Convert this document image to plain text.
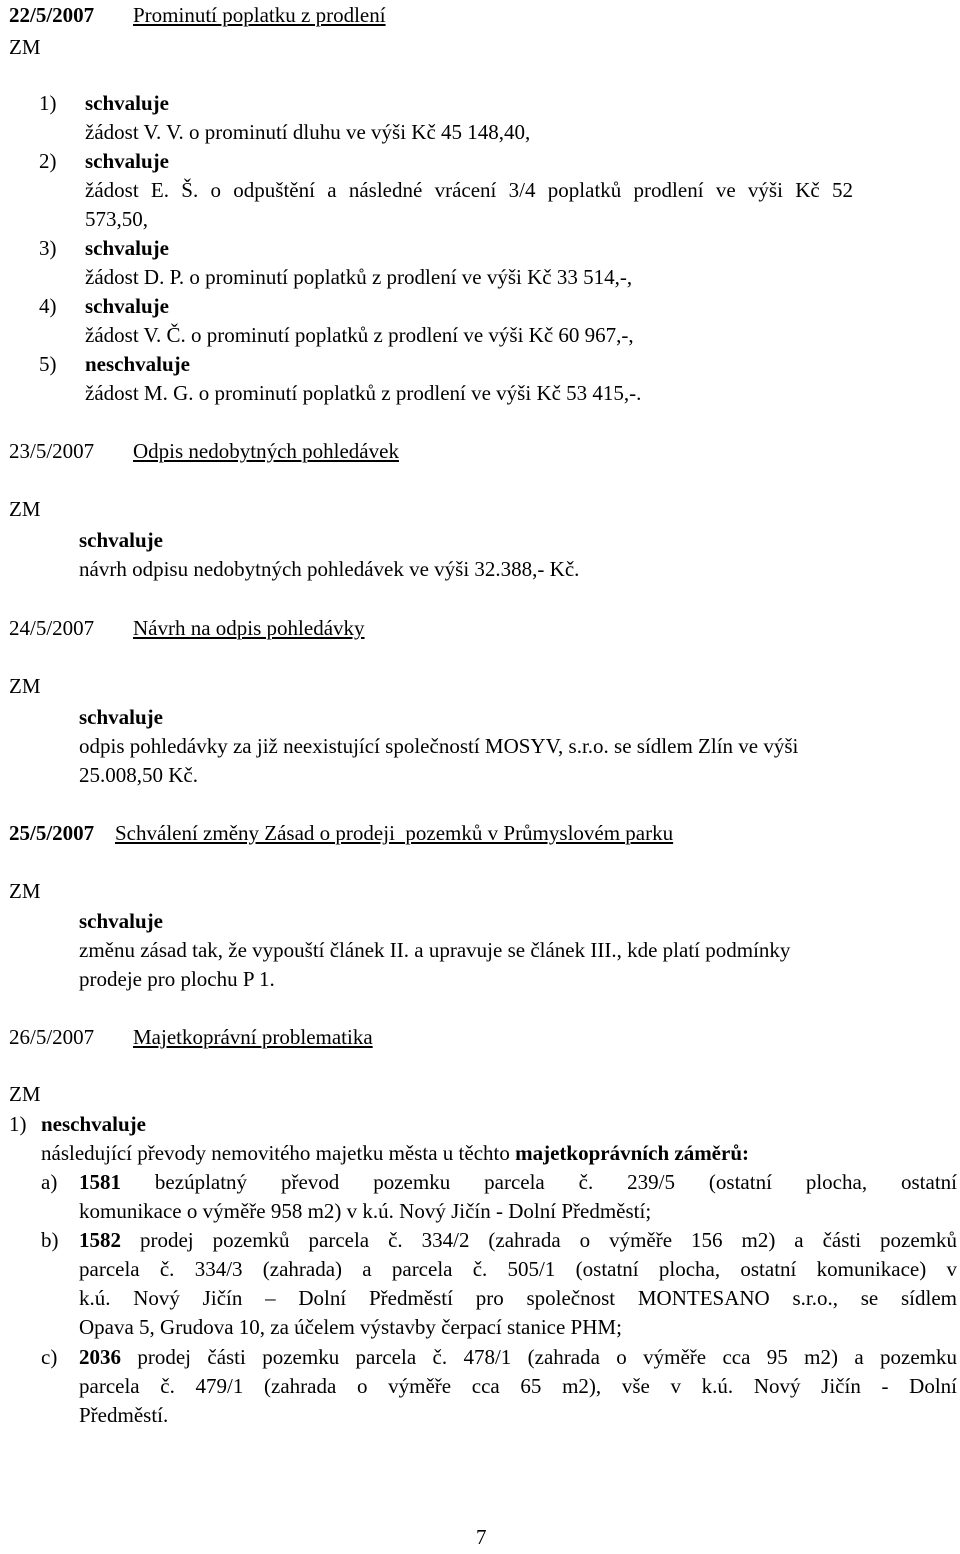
22/5/2007 Prominutí poplatku z prodlení
ZM
1) schvaluje
žádost V. V. o prominutí dluhu ve výši Kč 45 148,40,
2) schvaluje
žádost E. Š. o odpuštění a následné vrácení 3/4 poplatků prodlení ve výši Kč 52
573,50,
3) schvaluje
žádost D. P. o prominutí poplatků z prodlení ve výši Kč 33 514,-,
4) schvaluje
žádost V. Č. o prominutí poplatků z prodlení ve výši Kč 60 967,-,
5) neschvaluje
žádost M. G. o prominutí poplatků z prodlení ve výši Kč 53 415,-.
23/5/2007 Odpis nedobytných pohledávek
ZM
schvaluje
návrh odpisu nedobytných pohledávek ve výši 32.388,- Kč.
24/5/2007 Návrh na odpis pohledávky
ZM
schvaluje
odpis pohledávky za již neexistující společností MOSYV, s.r.o. se sídlem Zlín ve výši
25.008,50 Kč.
25/5/2007 Schválení změny Zásad o prodeji  pozemků v Průmyslovém parku
ZM
schvaluje
změnu zásad tak, že vypouští článek II. a upravuje se článek III., kde platí podmínky
prodeje pro plochu P 1.
26/5/2007 Majetkoprávní problematika
ZM
1) neschvaluje
následující převody nemovitého majetku města u těchto majetkoprávních záměrů:
a) 1581 bezúplatný převod pozemku parcela č. 239/5 (ostatní plocha, ostatní
komunikace o výměře 958 m2) v k.ú. Nový Jičín - Dolní Předměstí;
b) 1582 prodej pozemků parcela č. 334/2 (zahrada o výměře 156 m2) a části pozemků
parcela č. 334/3 (zahrada) a parcela č. 505/1 (ostatní plocha, ostatní komunikace) v
k.ú. Nový Jičín – Dolní Předměstí pro společnost MONTESANO s.r.o., se sídlem
Opava 5, Grudova 10, za účelem výstavby čerpací stanice PHM;
c) 2036 prodej části pozemku parcela č. 478/1 (zahrada o výměře cca 95 m2) a pozemku
parcela č. 479/1 (zahrada o výměře cca 65 m2), vše v k.ú. Nový Jičín - Dolní
Předměstí.
7
